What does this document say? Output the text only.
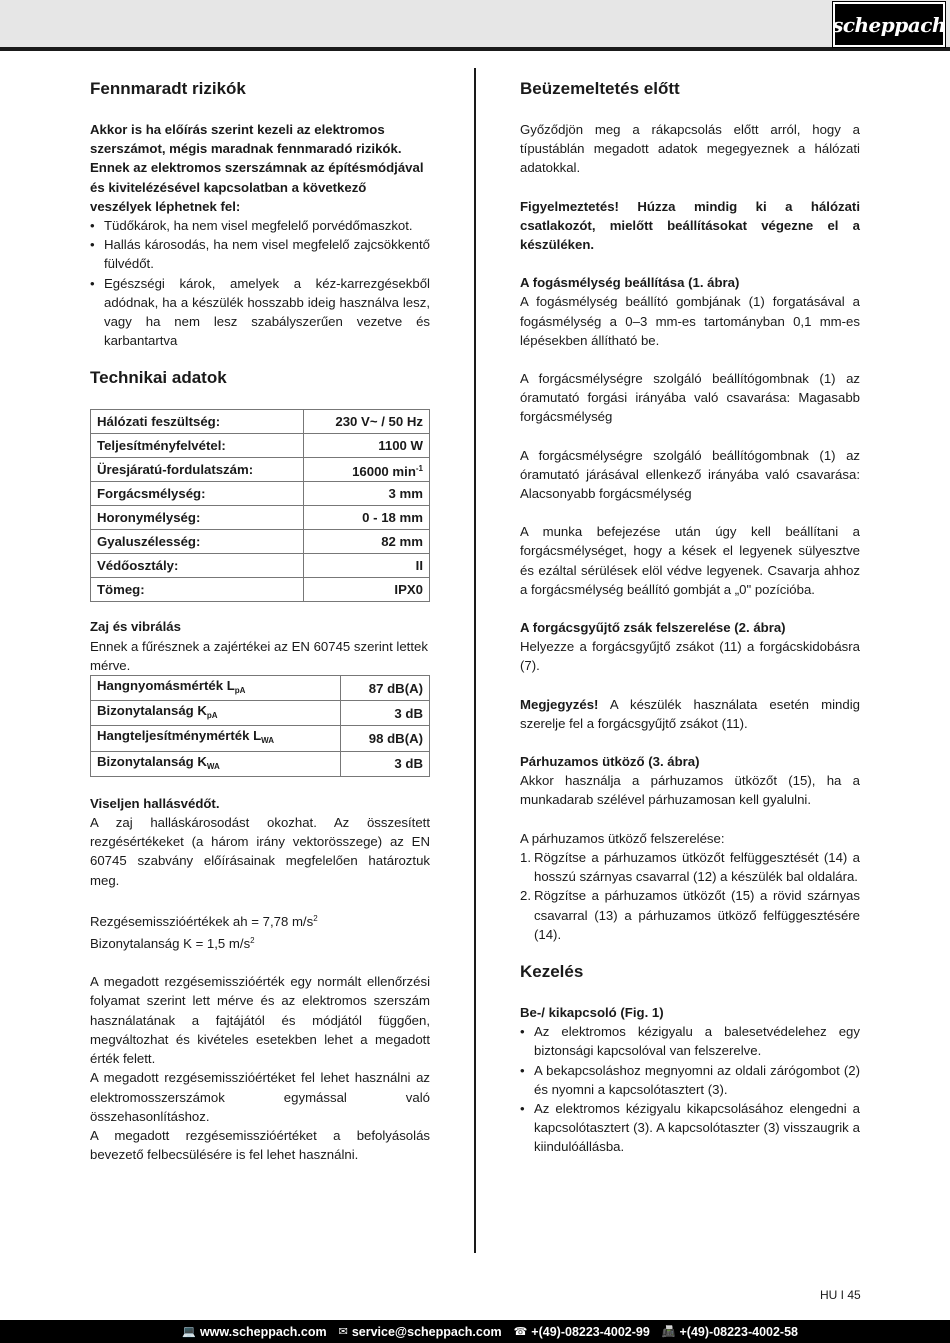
scheppach
Fennmaradt rizikók

Akkor is ha előírás szerint kezeli az elektromos szerszámot, mégis maradnak fennmaradó rizikók. Ennek az elektromos szerszámnak az építésmódjával és kivitelézésével kapcsolatban a következő veszélyek léphetnek fel:

• Tüdőkárok, ha nem visel megfelelő porvédőmaszkot.
• Hallás károsodás, ha nem visel megfelelő zajcsökkentő fülvédőt.
• Egészségi károk, amelyek a kéz-karrezgésekből adódnak, ha a készülék hosszabb ideig használva lesz, vagy ha nem lesz szabályszerűen vezetve és karbantartva
Technikai adatok
Hálózati feszültség:	230 V~ / 50 Hz
Teljesítményfelvétel:	1100 W
Üresjáratú-fordulatszám:	16000 $\min^{-1}$
Forgácsmélység:	3 mm
Horonymélység:	0 - 18 mm
Gyaluszélesség:	82 mm
Védőosztály:	II
Tömeg:	IPX0

Zaj és vibrálás

Ennek a fűrésznek a zajértékei az EN 60745 szerint lettek mérve.

Hangnyomásmérték $L_{pA}$	87 dB(A)
Bizonytalanság $K_{pA}$	3 dB
Hangteljesítménymérték $L_{WA}$	98 dB(A)
Bizonytalanság $K_{WA}$	3 dB

Viseljen hallásvédőt.

A zaj halláskárosodást okozhat. Az összesített rezgésértékeket (a három irány vektorösszege) az EN 60745 szabvány előírásainak megfelelően határoztuk meg.

Rezgésemisszióértékek ah = 7,78 $m/s^2$

Bizonytalanság K = 1,5 $m/s^2$

A megadott rezgésemisszióérték egy normált ellenőrzési folyamat szerint lett mérve és az elektromos szerszám használatának a fajtájától és módjától függően, megváltozhat és kivételes esetekben lehet a megadott érték felett.

A megadott rezgésemisszióértéket fel lehet használni az elektromosszerszámok egymással való összehasonlításhoz.

A megadott rezgésemisszióértéket a befolyásolás bevezető felbecsülésére is fel lehet használni.

Beüzemeltetés előtt

Győződjön meg a rákapcsolás előtt arról, hogy a típustáblán megadott adatok megegyeznek a hálózati adatokkal.

Figyelmeztetés! Húzza mindig ki a hálózati csatlakozót, mielőtt beállításokat végezne el a készüléken.

A fogásmélység beállítása (1. ábra)

A fogásmélység beállító gombjának (1) forgatásával a fogásmélység a 0–3 mm-es tartományban 0,1 mm-es lépésekben állítható be.

A forgácsmélységre szolgáló beállítógombnak (1) az óramutató forgási irányába való csavarása: Magasabb forgácsmélység

A forgácsmélységre szolgáló beállítógombnak (1) az óramutató járásával ellenkező irányába való csavarása: Alacsonyabb forgácsmélység

A munka befejezése után úgy kell beállítani a forgácsmélységet, hogy a kések el legyenek sülyesztve és ezáltal sérülések elöl védve legyenek. Csavarja ahhoz a forgácsmélység beállító gombját a „0" pozícióba.

A forgácsgyűjtő zsák felszerelése (2. ábra)

Helyezze a forgácsgyűjtő zsákot (11) a forgácskidobásra (7).

Megjegyzés! A készülék használata esetén mindig szerelje fel a forgácsgyűjtő zsákot (11).

Párhuzamos ütköző (3. ábra)

Akkor használja a párhuzamos ütközőt (15), ha a munkadarab szélével párhuzamosan kell gyalulni.

A párhuzamos ütköző felszerelése:

1. Rögzítse a párhuzamos ütközőt felfüggesztését (14) a hosszú szárnyas csavarral (12) a készülék bal oldalára.
2. Rögzítse a párhuzamos ütközőt (15) a rövid szárnyas csavarral (13) a párhuzamos ütköző felfüggesztésére (14).
Kezelés

Be-/ kikapcsoló (Fig. 1)

• Az elektromos kézigyalu a balesetvédelehez egy biztonsági kapcsolóval van felszerelve.
• A bekapcsoláshoz megnyomni az oldali zárógombot (2) és nyomni a kapcsolótasztert (3).
• Az elektromos kézigyalu kikapcsolásához elengedni a kapcsolótasztert (3). A kapcsolótaszter (3) visszaugrik a kiindulóállásba.
HU I 45
💻 www.scheppach.com ✉ service@scheppach.com ☎ +(49)-08223-4002-99 📠 +(49)-08223-4002-58
